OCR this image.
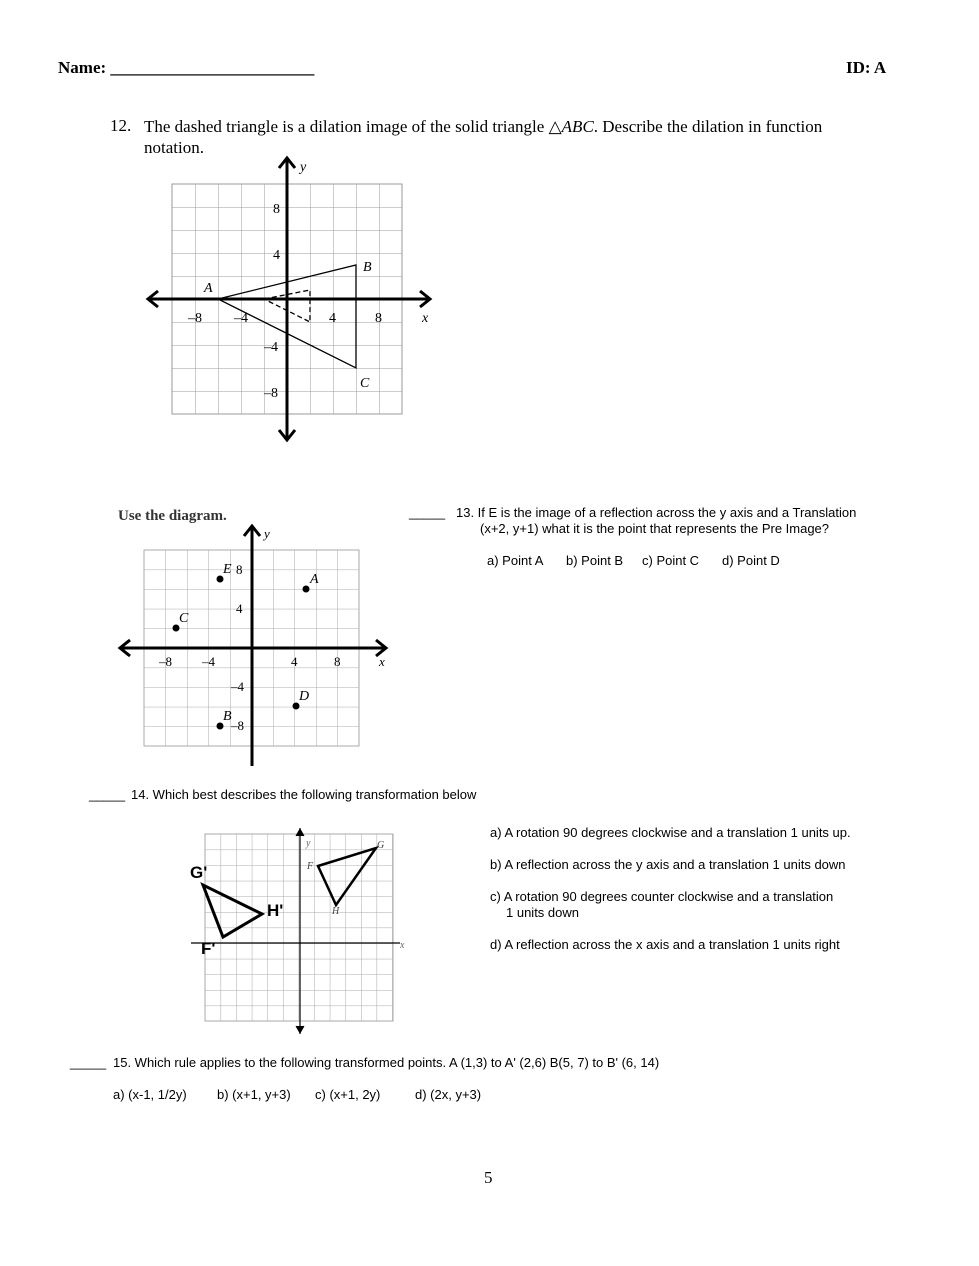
Name: ________________________	ID: A
12. The dashed triangle is a dilation image of the solid triangle △ABC. Describe the dilation in function notation.
y
x
8
4
–4
–8
–8 –4	4	8
A
B
C
Use the diagram.
y
x
8
4
–4
–8
–8 –4	4	8
A
B
C
D
E
_____ 13. If E is the image of a reflection across the y axis and a Translation
(x+2, y+1) what it is the point that represents the Pre Image?
a) Point A b) Point B c) Point C d) Point D
_____ 14. Which best describes the following transformation below
y
x
G'
H'
F'
F
G
H
a) A rotation 90 degrees clockwise and a translation 1 units up.
b) A reflection across the y axis and a translation 1 units down
c) A rotation 90 degrees counter clockwise and a translation
1 units down
d) A reflection across the x axis and a translation 1 units right
_____ 15. Which rule applies to the following transformed points. A (1,3) to A' (2,6) B(5, 7) to B' (6, 14)
a) (x-1, 1/2y) b) (x+1, y+3) c) (x+1, 2y)	d) (2x, y+3)
5
